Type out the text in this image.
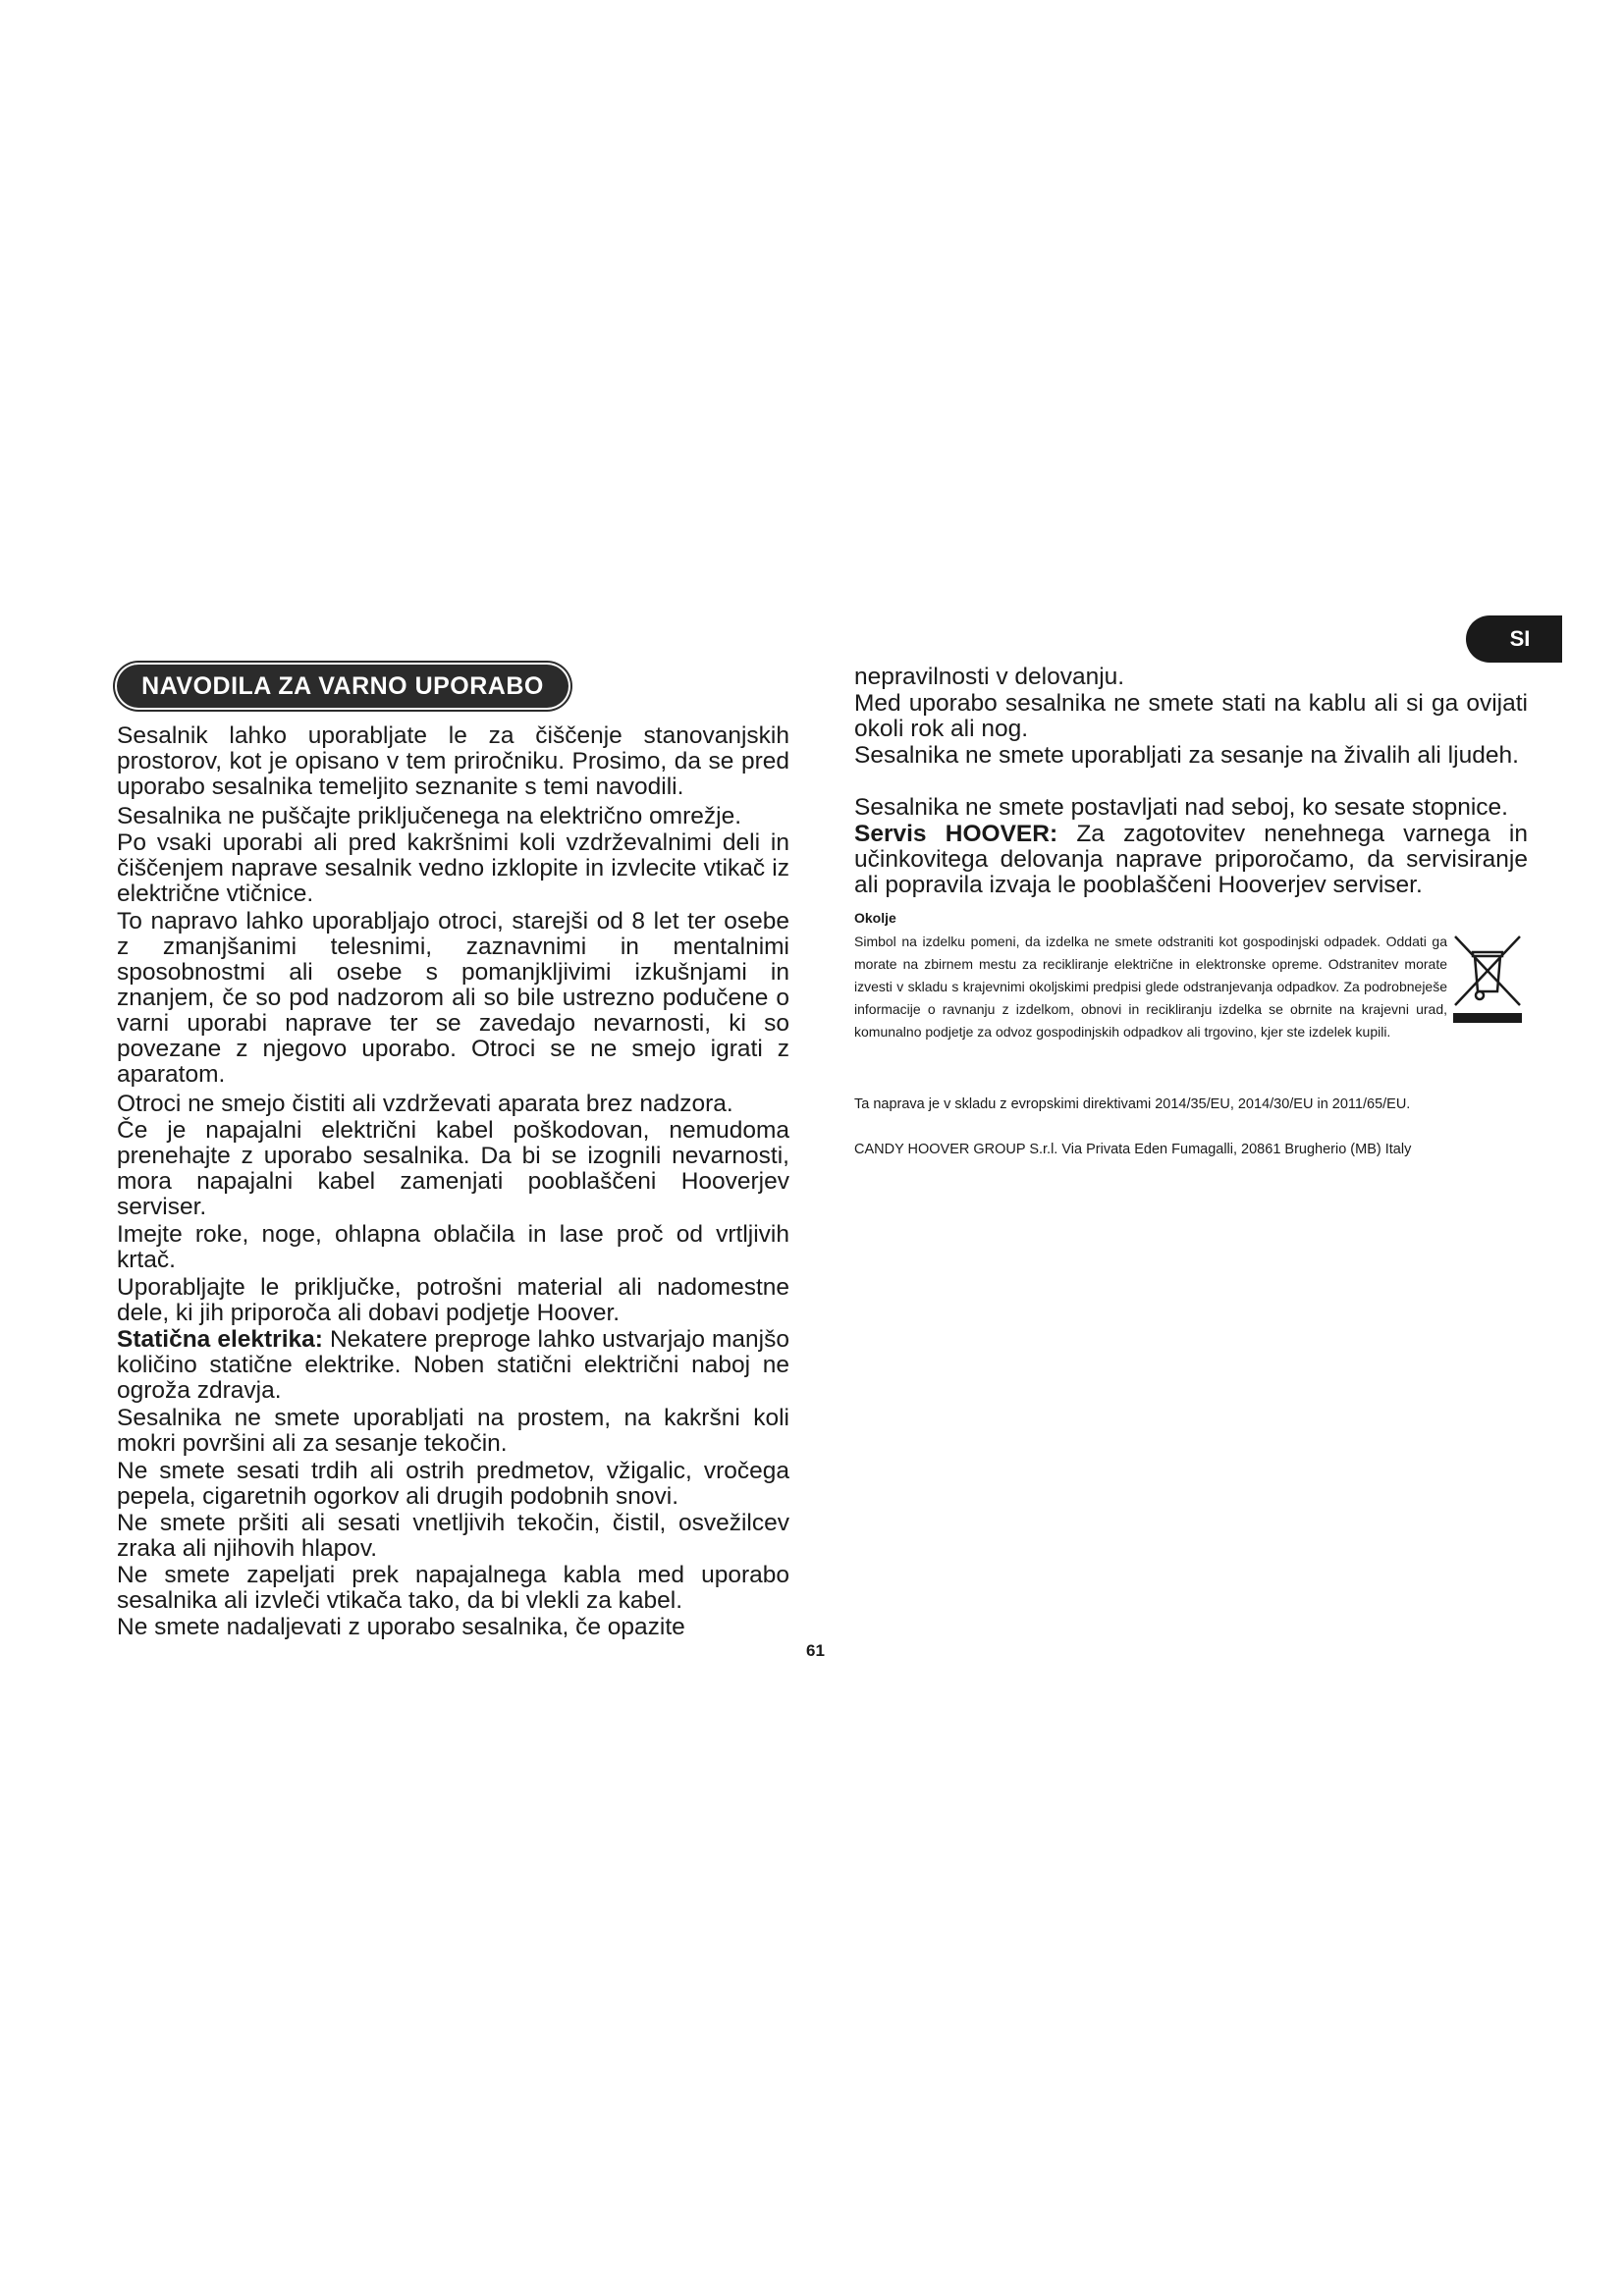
SI
NAVODILA ZA VARNO UPORABO

Sesalnik lahko uporabljate le za čiščenje stanovanjskih prostorov, kot je opisano v tem priročniku. Prosimo, da se pred uporabo sesalnika temeljito seznanite s temi navodili.

Sesalnika ne puščajte priključenega na električno omrežje.

Po vsaki uporabi ali pred kakršnimi koli vzdrževalnimi deli in čiščenjem naprave sesalnik vedno izklopite in izvlecite vtikač iz električne vtičnice.

To napravo lahko uporabljajo otroci, starejši od 8 let ter osebe z zmanjšanimi telesnimi, zaznavnimi in mentalnimi sposobnostmi ali osebe s pomanjkljivimi izkušnjami in znanjem, če so pod nadzorom ali so bile ustrezno podučene o varni uporabi naprave ter se zavedajo nevarnosti, ki so povezane z njegovo uporabo. Otroci se ne smejo igrati z aparatom.

Otroci ne smejo čistiti ali vzdrževati aparata brez nadzora.

Če je napajalni električni kabel poškodovan, nemudoma prenehajte z uporabo sesalnika. Da bi se izognili nevarnosti, mora napajalni kabel zamenjati pooblaščeni Hooverjev serviser.

Imejte roke, noge, ohlapna oblačila in lase proč od vrtljivih krtač.

Uporabljajte le priključke, potrošni material ali nadomestne dele, ki jih priporoča ali dobavi podjetje Hoover.

Statična elektrika: Nekatere preproge lahko ustvarjajo manjšo količino statične elektrike. Noben statični električni naboj ne ogroža zdravja.

Sesalnika ne smete uporabljati na prostem, na kakršni koli mokri površini ali za sesanje tekočin.

Ne smete sesati trdih ali ostrih predmetov, vžigalic, vročega pepela, cigaretnih ogorkov ali drugih podobnih snovi.

Ne smete pršiti ali sesati vnetljivih tekočin, čistil, osvežilcev zraka ali njihovih hlapov.

Ne smete zapeljati prek napajalnega kabla med uporabo sesalnika ali izvleči vtikača tako, da bi vlekli za kabel.

Ne smete nadaljevati z uporabo sesalnika, če opazite

nepravilnosti v delovanju.

Med uporabo sesalnika ne smete stati na kablu ali si ga ovijati okoli rok ali nog.

Sesalnika ne smete uporabljati za sesanje na živalih ali ljudeh.

Sesalnika ne smete postavljati nad seboj, ko sesate stopnice.

Servis HOOVER: Za zagotovitev nenehnega varnega in učinkovitega delovanja naprave priporočamo, da servisiranje ali popravila izvaja le pooblaščeni Hooverjev serviser.

Okolje

Simbol na izdelku pomeni, da izdelka ne smete odstraniti kot gospodinjski odpadek. Oddati ga morate na zbirnem mestu za recikliranje električne in elektronske opreme. Odstranitev morate izvesti v skladu s krajevnimi okoljskimi predpisi glede odstranjevanja odpadkov. Za podrobneješe informacije o ravnanju z izdelkom, obnovi in recikliranju izdelka se obrnite na krajevni urad, komunalno podjetje za odvoz gospodinjskih odpadkov ali trgovino, kjer ste izdelek kupili.

Ta naprava je v skladu z evropskimi direktivami 2014/35/EU, 2014/30/EU in 2011/65/EU.

CANDY HOOVER GROUP S.r.l. Via Privata Eden Fumagalli, 20861 Brugherio (MB) Italy

61
